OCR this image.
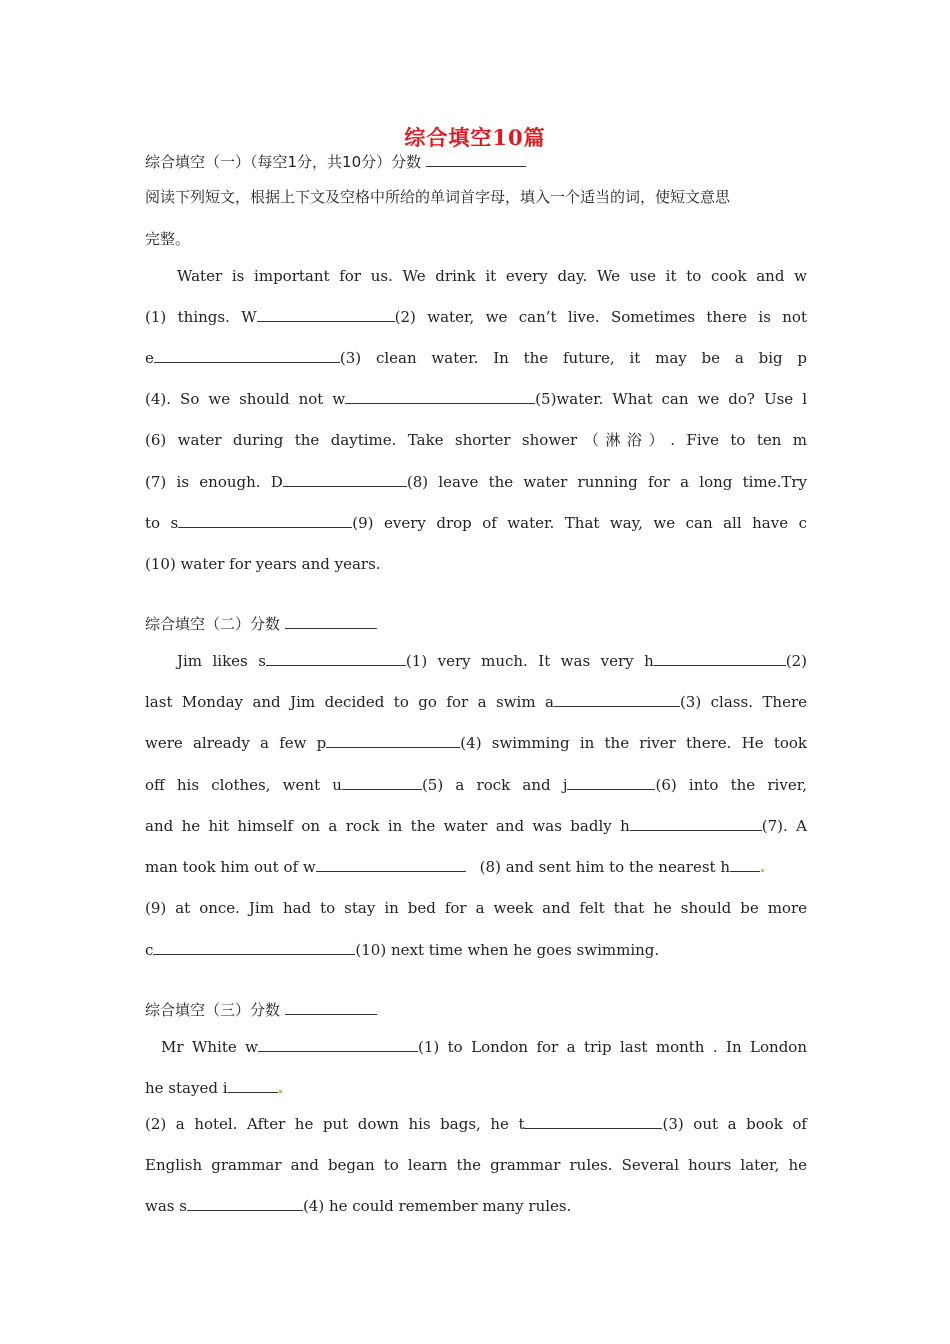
综合填空10篇
综合填空（一）（每空1分，共10分）分数
阅读下列短文，根据上下文及空格中所给的单词首字母，填入一个适当的词，使短文意思
完整。
Water is important for us. We drink it every day. We use it to cook and w
(1) things. W	(2) water, we can’t live. Sometimes there is not
e	(3) clean water. In the future, it may be a big p
(4). So we should not w	(5)water. What can we do? Use l
(6) water during the daytime. Take shorter shower（淋浴）. Five to ten m
(7) is enough. D	(8) leave the water running for a long time.Try
to s	(9) every drop of water. That way, we can all have c
(10) water for years and years.
综合填空（二）分数
Jim likes s	(1) very much. It was very h	(2)
last Monday and Jim decided to go for a swim a	(3) class. There
were already a few p	(4) swimming in the river there. He took
off his clothes, went u	(5) a rock and j	(6) into the river,
and he hit himself on a rock in the water and was badly h	(7). A
man took him out of w	(8) and sent him to the nearest h
(9) at once. Jim had to stay in bed for a week and felt that he should be more
c	(10) next time when he goes swimming.
综合填空（三）分数
Mr White w	(1) to London for a trip last month . In London
he stayed i
(2) a hotel. After he put down his bags, he t	(3) out a book of
English grammar and began to learn the grammar rules. Several hours later, he
was s	(4) he could remember many rules.
